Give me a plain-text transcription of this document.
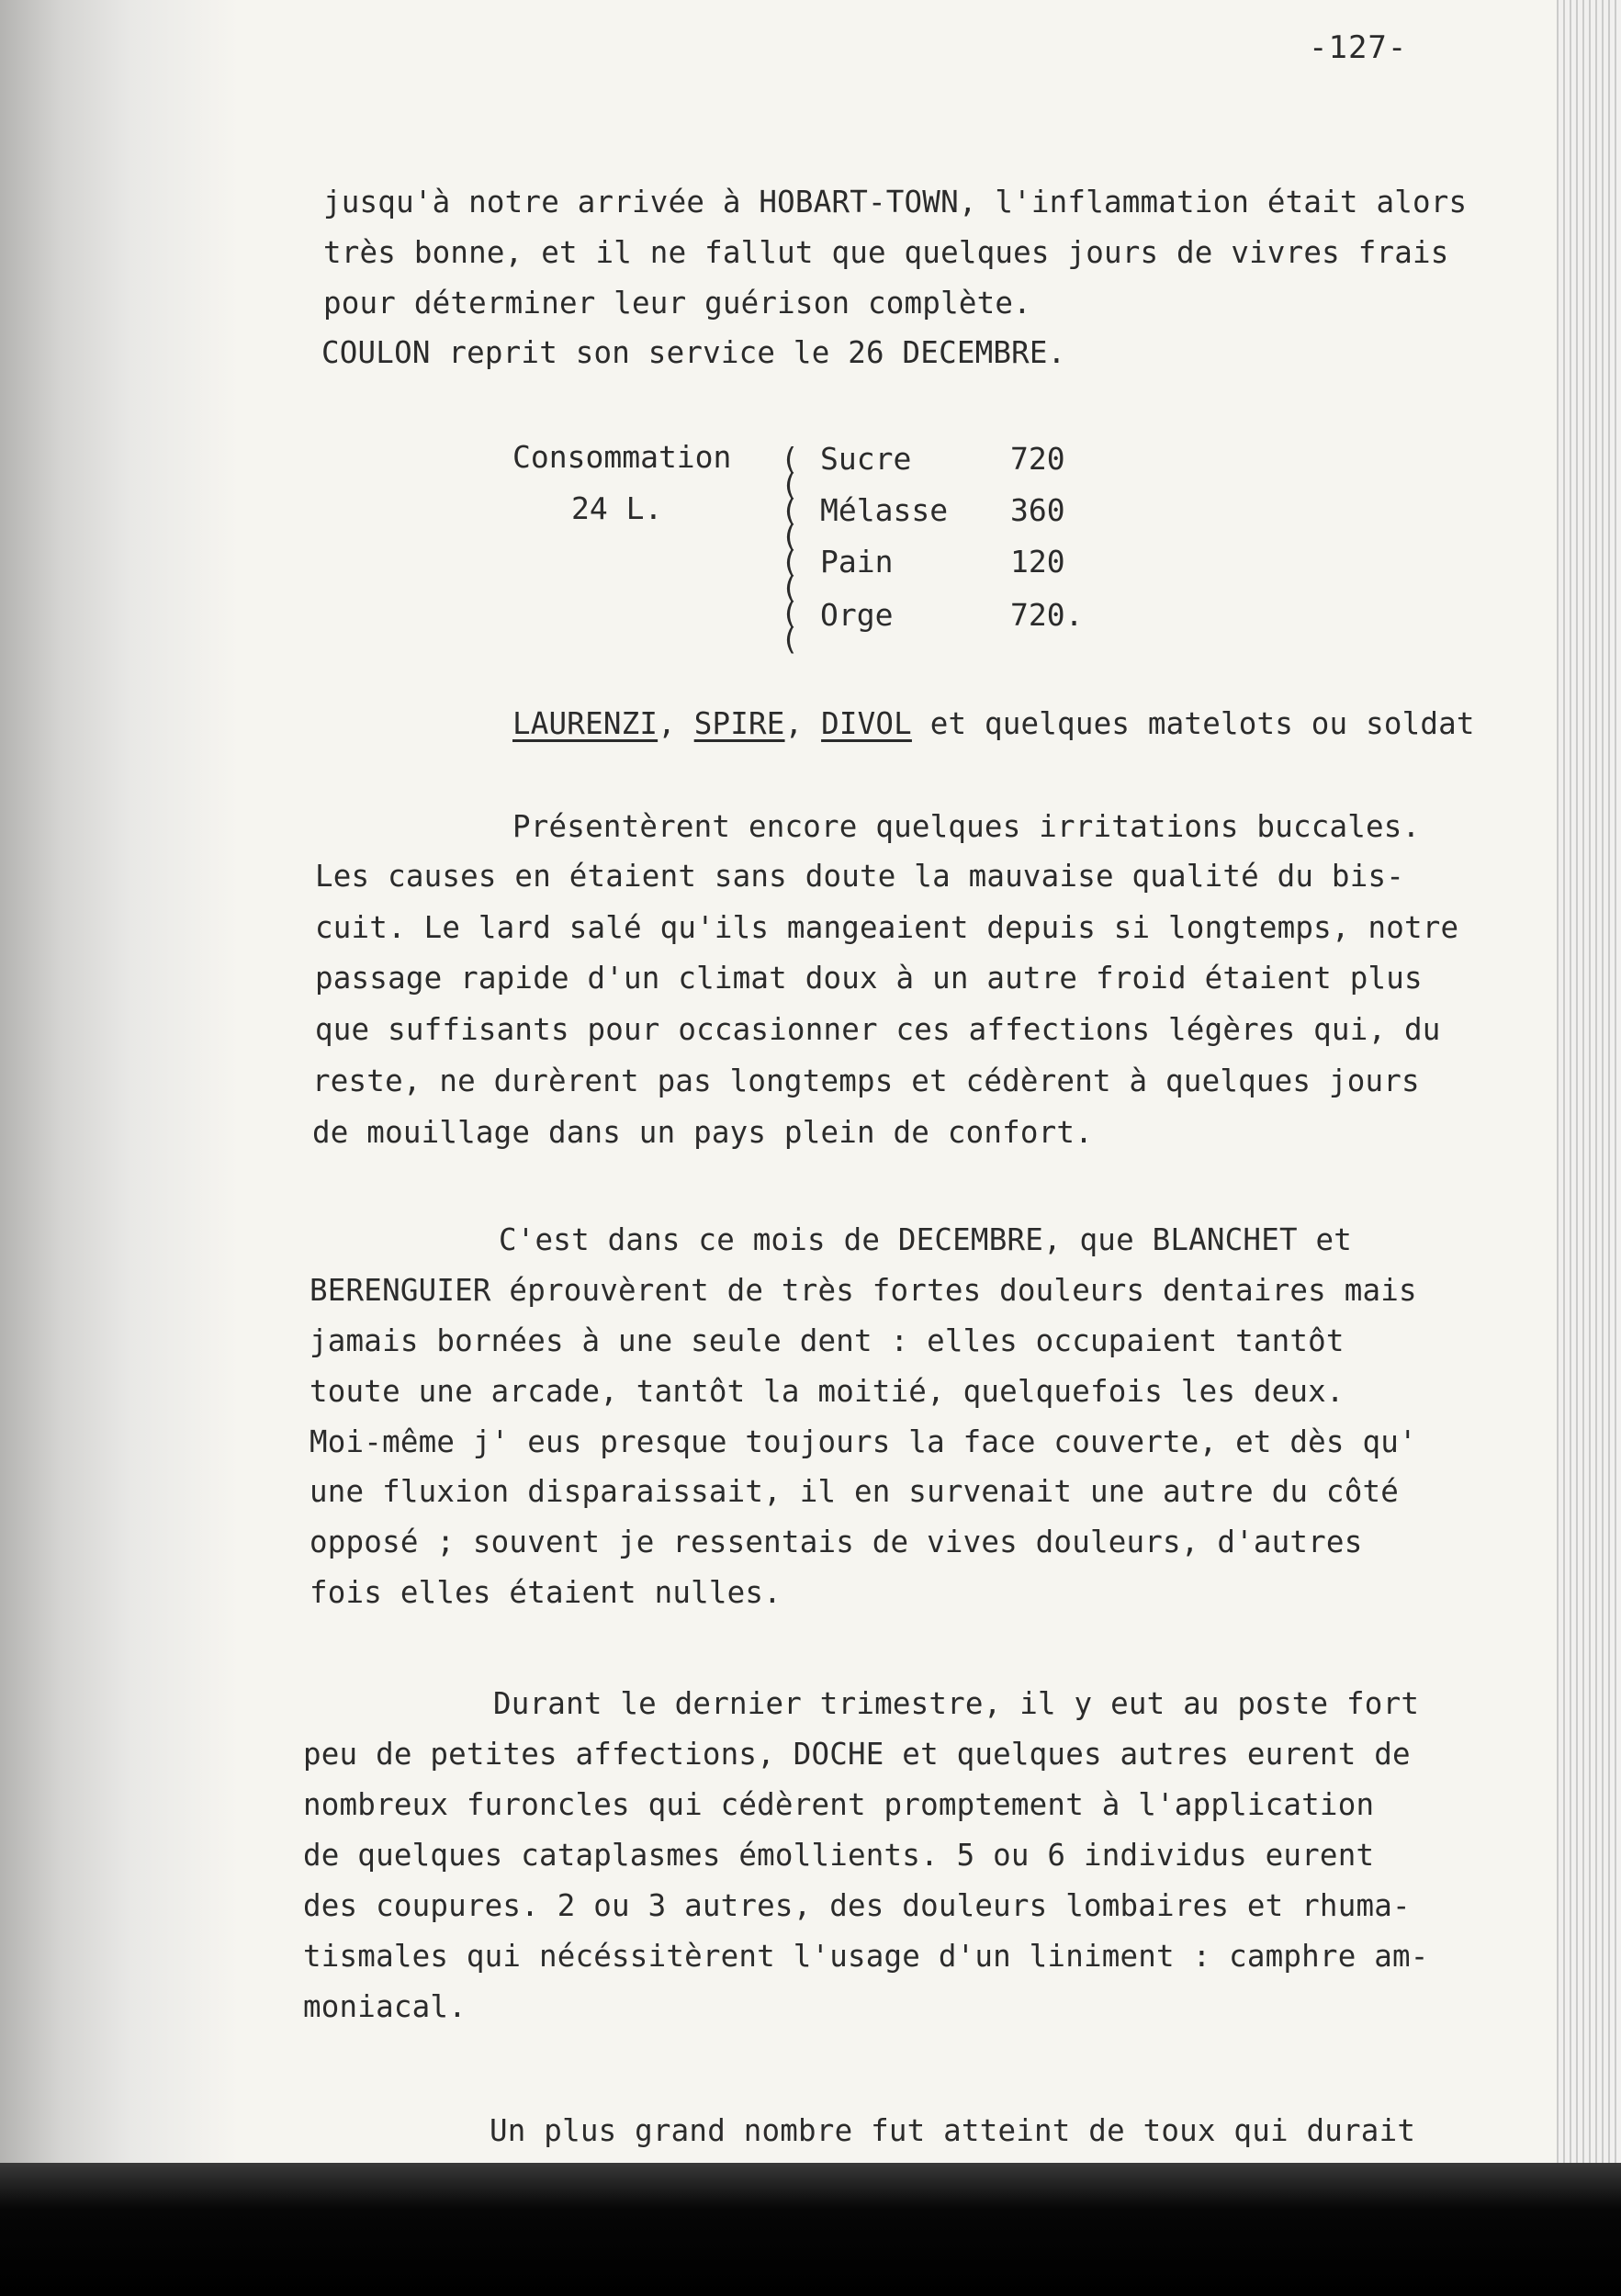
-127-
jusqu'à notre arrivée à HOBART-TOWN, l'inflammation était alors
très bonne, et il ne fallut que quelques jours de vivres frais
pour déterminer leur guérison complète.
COULON reprit son service le 26 DECEMBRE.
Consommation
24 L.
(
(
(
(
(
(
(
(
Sucre	720
Mélasse 360
Pain	120
Orge	720.
LAURENZI, SPIRE, DIVOL et quelques matelots ou soldat
Présentèrent encore quelques irritations buccales.
Les causes en étaient sans doute la mauvaise qualité du bis-
cuit. Le lard salé qu'ils mangeaient depuis si longtemps, notre
passage rapide d'un climat doux à un autre froid étaient plus
que suffisants pour occasionner ces affections légères qui, du
reste, ne durèrent pas longtemps et cédèrent à quelques jours
de mouillage dans un pays plein de confort.
C'est dans ce mois de DECEMBRE, que BLANCHET et
BERENGUIER éprouvèrent de très fortes douleurs dentaires mais
jamais bornées à une seule dent : elles occupaient tantôt
toute une arcade, tantôt la moitié, quelquefois les deux.
Moi-même j' eus presque toujours la face couverte, et dès qu'
une fluxion disparaissait, il en survenait une autre du côté
opposé ; souvent je ressentais de vives douleurs, d'autres
fois elles étaient nulles.
Durant le dernier trimestre, il y eut au poste fort
peu de petites affections, DOCHE et quelques autres eurent de
nombreux furoncles qui cédèrent promptement à l'application
de quelques cataplasmes émollients. 5 ou 6 individus eurent
des coupures. 2 ou 3 autres, des douleurs lombaires et rhuma-
tismales qui nécéssitèrent l'usage d'un liniment : camphre am-
moniacal.
Un plus grand nombre fut atteint de toux qui durait
